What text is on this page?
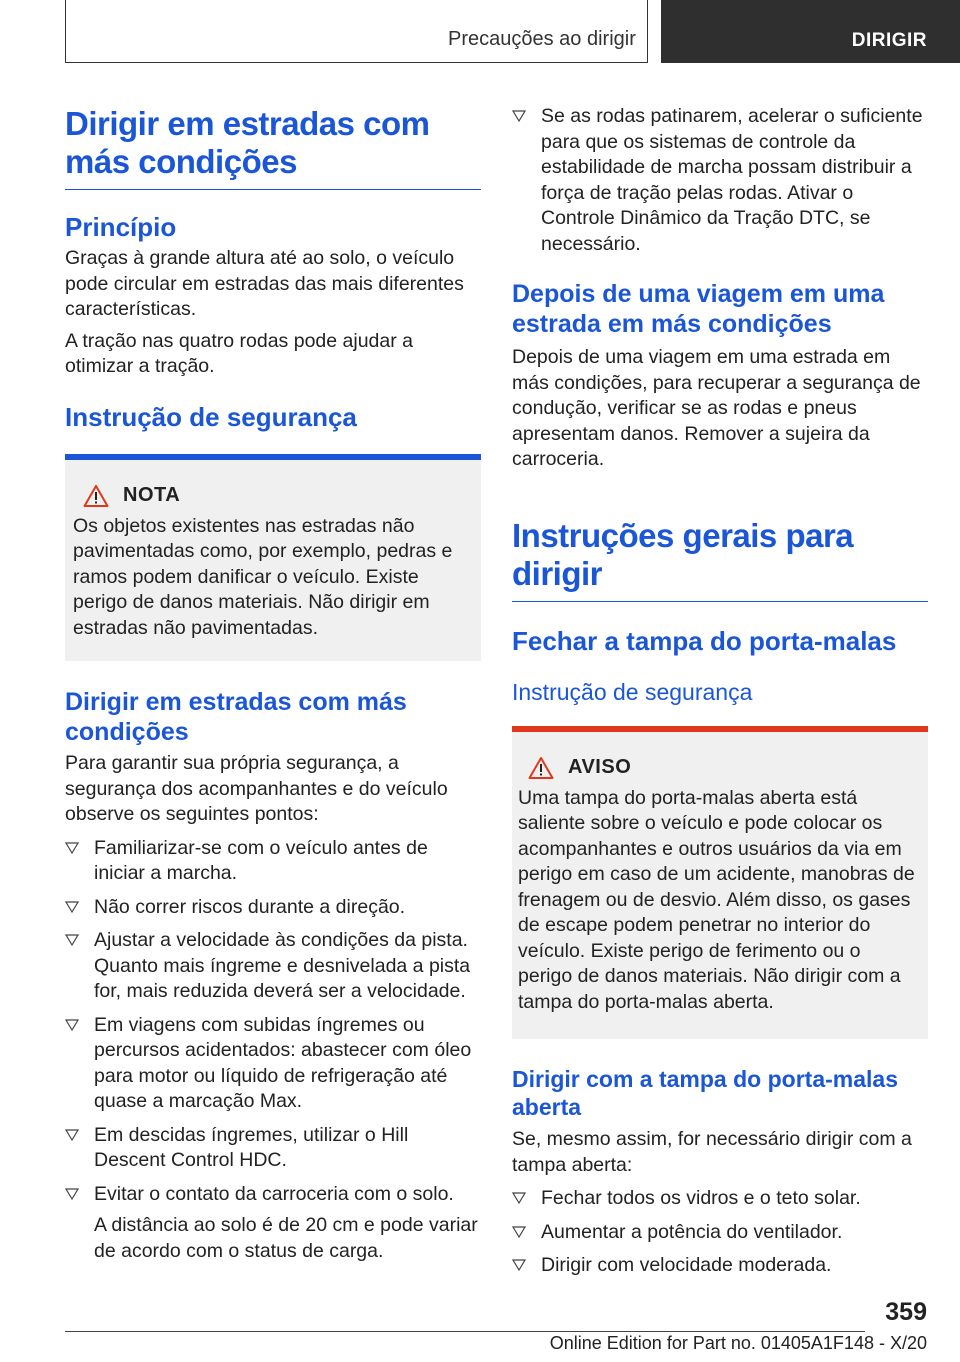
Precauções ao dirigir	DIRIGIR
Dirigir em estradas com más condições
Princípio

Graças à grande altura até ao solo, o veículo pode circular em estradas das mais diferentes características.

A tração nas quatro rodas pode ajudar a otimizar a tração.

Instrução de segurança
NOTA

Os objetos existentes nas estradas não pavimentadas como, por exemplo, pedras e ramos podem danificar o veículo. Existe perigo de danos materiais. Não dirigir em estradas não pavimentadas.

Dirigir em estradas com más condições

Para garantir sua própria segurança, a segurança dos acompanhantes e do veículo observe os seguintes pontos:

Familiarizar-se com o veículo antes de iniciar a marcha.
Não correr riscos durante a direção.
Ajustar a velocidade às condições da pista. Quanto mais íngreme e desnivelada a pista for, mais reduzida deverá ser a velocidade.
Em viagens com subidas íngremes ou percursos acidentados: abastecer com óleo para motor ou líquido de refrigeração até quase a marcação Max.
Em descidas íngremes, utilizar o Hill Descent Control HDC.
Evitar o contato da carroceria com o solo.
A distância ao solo é de 20 cm e pode variar de acordo com o status de carga.
Se as rodas patinarem, acelerar o suficiente para que os sistemas de controle da estabilidade de marcha possam distribuir a força de tração pelas rodas. Ativar o Controle Dinâmico da Tração DTC, se necessário.
Depois de uma viagem em uma estrada em más condições

Depois de uma viagem em uma estrada em más condições, para recuperar a segurança de condução, verificar se as rodas e pneus apresentam danos. Remover a sujeira da carroceria.

Instruções gerais para dirigir
Fechar a tampa do porta-malas
Instrução de segurança
AVISO

Uma tampa do porta-malas aberta está saliente sobre o veículo e pode colocar os acompanhantes e outros usuários da via em perigo em caso de um acidente, manobras de frenagem ou de desvio. Além disso, os gases de escape podem penetrar no interior do veículo. Existe perigo de ferimento ou o perigo de danos materiais. Não dirigir com a tampa do porta-malas aberta.

Dirigir com a tampa do porta-malas aberta

Se, mesmo assim, for necessário dirigir com a tampa aberta:

Fechar todos os vidros e o teto solar.
Aumentar a potência do ventilador.
Dirigir com velocidade moderada.
359
Online Edition for Part no. 01405A1F148 - X/20
